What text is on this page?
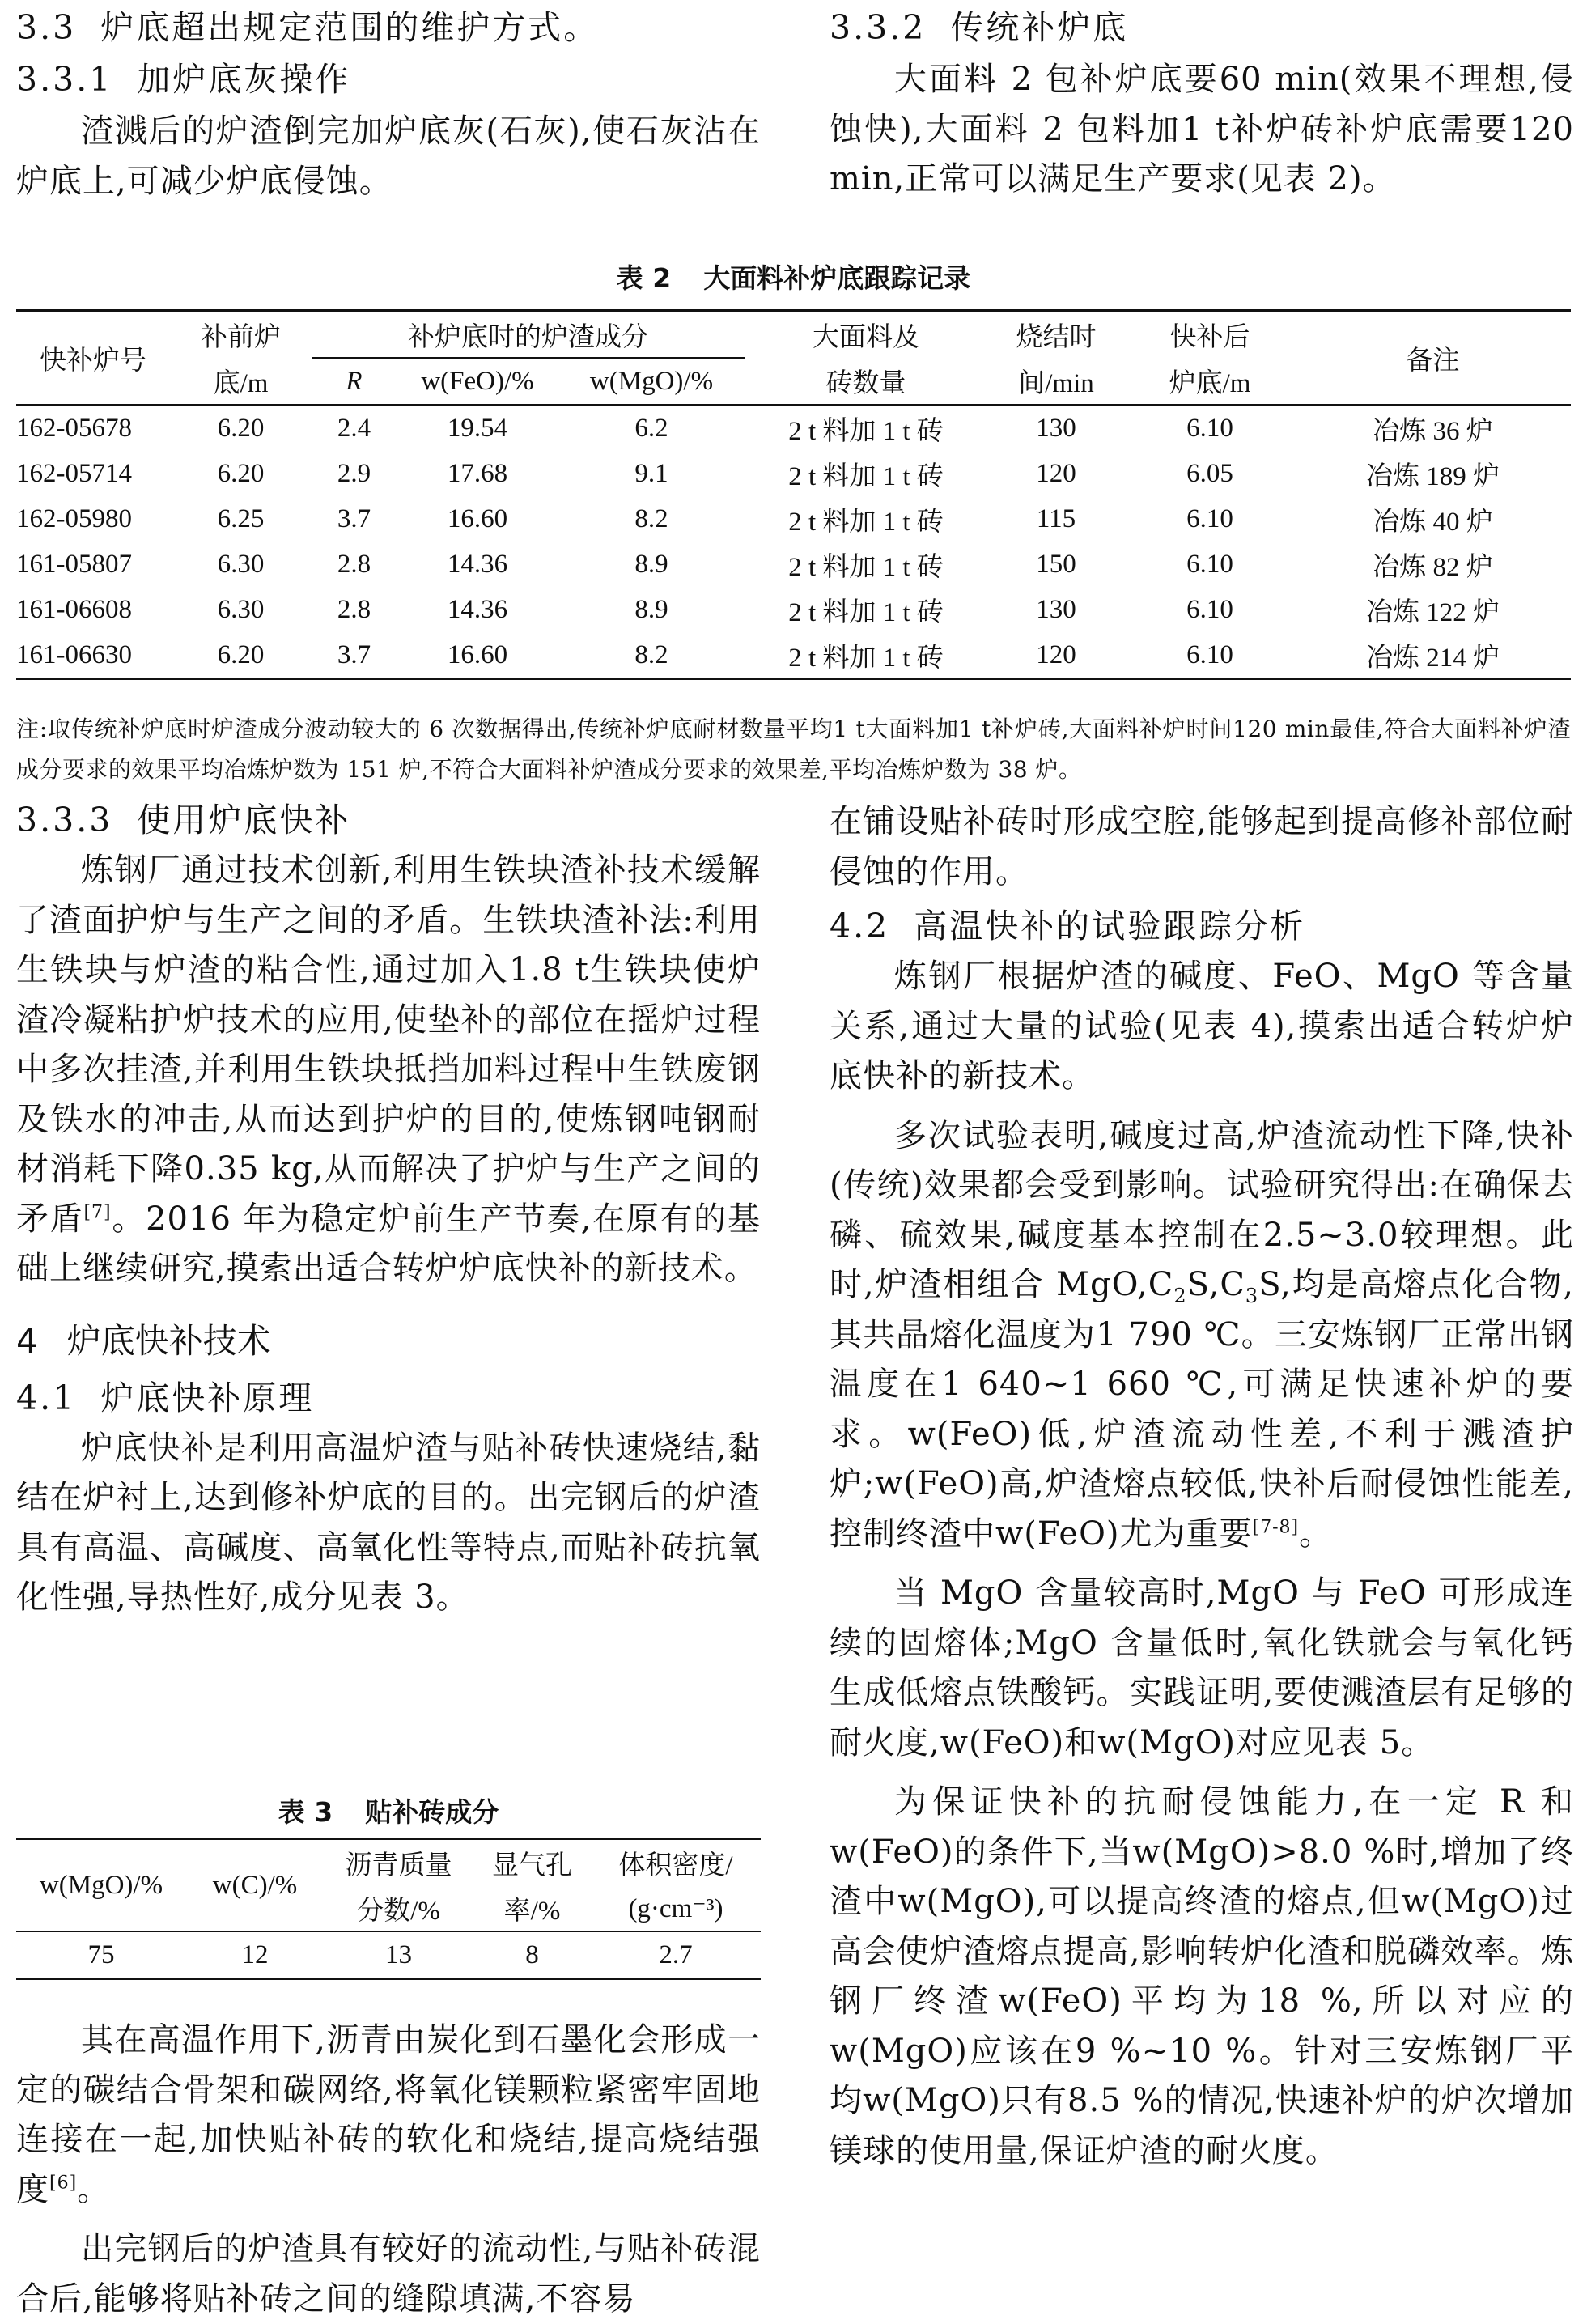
3.3 炉底超出规定范围的维护方式。

3.3.1 加炉底灰操作

渣溅后的炉渣倒完加炉底灰(石灰),使石灰沾在炉底上,可减少炉底侵蚀。

3.3.2 传统补炉底

大面料 2 包补炉底要60 min(效果不理想,侵蚀快),大面料 2 包料加1 t补炉砖补炉底需要120 min,正常可以满足生产要求(见表 2)。

表 2 大面料补炉底跟踪记录
快补炉号	补前炉	补炉底时的炉渣成分			大面料及	烧结时	快补后	备注
	底/m	R	w(FeO)/%	w(MgO)/%	砖数量	间/min	炉底/m	
162-05678	6.20	2.4	19.54	6.2	2 t 料加 1 t 砖	130	6.10	冶炼 36 炉
162-05714	6.20	2.9	17.68	9.1	2 t 料加 1 t 砖	120	6.05	冶炼 189 炉
162-05980	6.25	3.7	16.60	8.2	2 t 料加 1 t 砖	115	6.10	冶炼 40 炉
161-05807	6.30	2.8	14.36	8.9	2 t 料加 1 t 砖	150	6.10	冶炼 82 炉
161-06608	6.30	2.8	14.36	8.9	2 t 料加 1 t 砖	130	6.10	冶炼 122 炉
161-06630	6.20	3.7	16.60	8.2	2 t 料加 1 t 砖	120	6.10	冶炼 214 炉

注:取传统补炉底时炉渣成分波动较大的 6 次数据得出,传统补炉底耐材数量平均1 t大面料加1 t补炉砖,大面料补炉时间120 min最佳,符合大面料补炉渣成分要求的效果平均冶炼炉数为 151 炉,不符合大面料补炉渣成分要求的效果差,平均冶炼炉数为 38 炉。

3.3.3 使用炉底快补

炼钢厂通过技术创新,利用生铁块渣补技术缓解了渣面护炉与生产之间的矛盾。生铁块渣补法:利用生铁块与炉渣的粘合性,通过加入1.8 t生铁块使炉渣冷凝粘护炉技术的应用,使垫补的部位在摇炉过程中多次挂渣,并利用生铁块抵挡加料过程中生铁废钢及铁水的冲击,从而达到护炉的目的,使炼钢吨钢耐材消耗下降0.35 kg,从而解决了护炉与生产之间的矛盾[7]。2016 年为稳定炉前生产节奏,在原有的基础上继续研究,摸索出适合转炉炉底快补的新技术。

4 炉底快补技术

4.1 炉底快补原理

炉底快补是利用高温炉渣与贴补砖快速烧结,黏结在炉衬上,达到修补炉底的目的。出完钢后的炉渣具有高温、高碱度、高氧化性等特点,而贴补砖抗氧化性强,导热性好,成分见表 3。

表 3 贴补砖成分
w(MgO)/%	w(C)/%	沥青质量	显气孔	体积密度/
		分数/%	率/%	(g·cm⁻³)
75	12	13	8	2.7

其在高温作用下,沥青由炭化到石墨化会形成一定的碳结合骨架和碳网络,将氧化镁颗粒紧密牢固地连接在一起,加快贴补砖的软化和烧结,提高烧结强度[6]。

出完钢后的炉渣具有较好的流动性,与贴补砖混合后,能够将贴补砖之间的缝隙填满,不容易

在铺设贴补砖时形成空腔,能够起到提高修补部位耐侵蚀的作用。

4.2 高温快补的试验跟踪分析

炼钢厂根据炉渣的碱度、FeO、MgO 等含量关系,通过大量的试验(见表 4),摸索出适合转炉炉底快补的新技术。

多次试验表明,碱度过高,炉渣流动性下降,快补(传统)效果都会受到影响。试验研究得出:在确保去磷、硫效果,碱度基本控制在2.5~3.0较理想。此时,炉渣相组合 $MgO,C_2S,C_3S$,均是高熔点化合物,其共晶熔化温度为1 790 ℃。三安炼钢厂正常出钢温度在1 640~1 660 ℃,可满足快速补炉的要求。w(FeO)低,炉渣流动性差,不利于溅渣护炉;w(FeO)高,炉渣熔点较低,快补后耐侵蚀性能差,控制终渣中w(FeO)尤为重要[7-8]。

当 MgO 含量较高时,MgO 与 FeO 可形成连续的固熔体;MgO 含量低时,氧化铁就会与氧化钙生成低熔点铁酸钙。实践证明,要使溅渣层有足够的耐火度,w(FeO)和w(MgO)对应见表 5。

为保证快补的抗耐侵蚀能力,在一定 R 和w(FeO)的条件下,当w(MgO)>8.0 %时,增加了终渣中w(MgO),可以提高终渣的熔点,但w(MgO)过高会使炉渣熔点提高,影响转炉化渣和脱磷效率。炼钢厂终渣w(FeO)平均为18 %,所以对应的w(MgO)应该在9 %~10 %。针对三安炼钢厂平均w(MgO)只有8.5 %的情况,快速补炉的炉次增加镁球的使用量,保证炉渣的耐火度。
